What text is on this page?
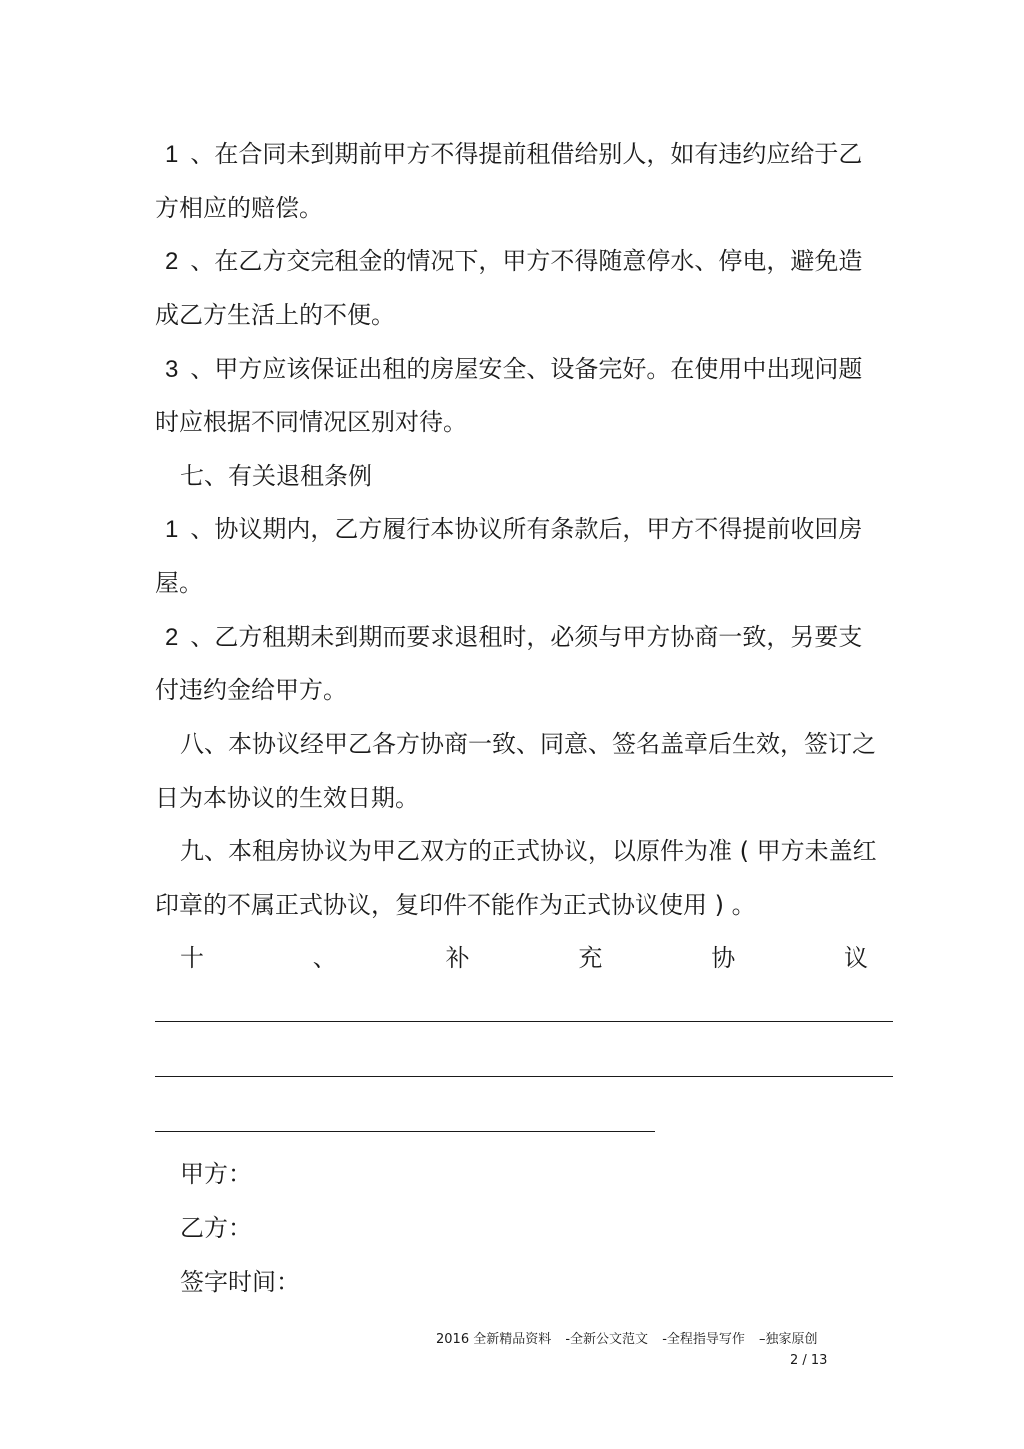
1 、在合同未到期前甲方不得提前租借给别人，如有违约应给于乙
方相应的赔偿。
2 、在乙方交完租金的情况下，甲方不得随意停水、停电，避免造
成乙方生活上的不便。
3 、甲方应该保证出租的房屋安全、设备完好。在使用中出现问题
时应根据不同情况区别对待。
七、有关退租条例
1 、协议期内，乙方履行本协议所有条款后，甲方不得提前收回房
屋。
2 、乙方租期未到期而要求退租时，必须与甲方协商一致，另要支
付违约金给甲方。
八、本协议经甲乙各方协商一致、同意、签名盖章后生效，签订之
日为本协议的生效日期。
九、本租房协议为甲乙双方的正式协议，以原件为准 ( 甲方未盖红
印章的不属正式协议，复印件不能作为正式协议使用 ) 。
十	、	补	充	协	议
甲方：
乙方：
签字时间：
2016 全新精品资料 -全新公文范文 -全程指导写作 –独家原创
2 / 13
